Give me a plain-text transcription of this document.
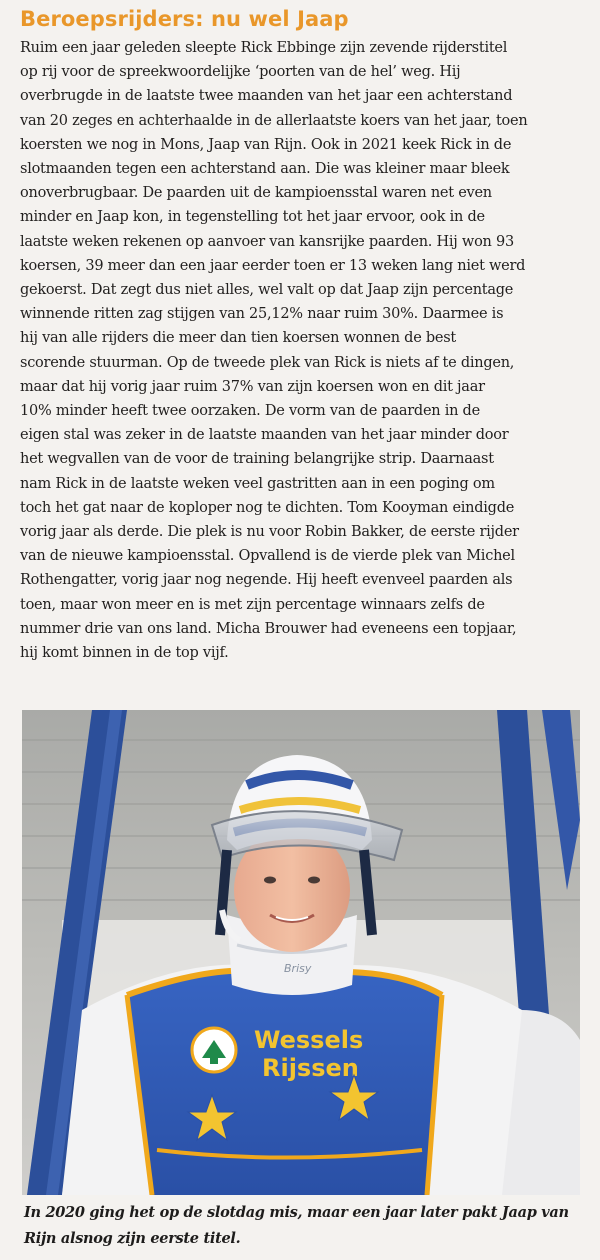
Beroepsrijders: nu wel Jaap

Ruim een jaar geleden sleepte Rick Ebbinge zijn zevende rijderstitel
op rij voor de spreekwoordelijke ‘poorten van de hel’ weg. Hij
overbrugde in de laatste twee maanden van het jaar een achterstand
van 20 zeges en achterhaalde in de allerlaatste koers van het jaar, toen
koersten we nog in Mons, Jaap van Rijn. Ook in 2021 keek Rick in de
slotmaanden tegen een achterstand aan. Die was kleiner maar bleek
onoverbrugbaar. De paarden uit de kampioensstal waren net even
minder en Jaap kon, in tegenstelling tot het jaar ervoor, ook in de
laatste weken rekenen op aanvoer van kansrijke paarden. Hij won 93
koersen, 39 meer dan een jaar eerder toen er 13 weken lang niet werd
gekoerst. Dat zegt dus niet alles, wel valt op dat Jaap zijn percentage
winnende ritten zag stijgen van 25,12% naar ruim 30%. Daarmee is
hij van alle rijders die meer dan tien koersen wonnen de best
scorende stuurman. Op de tweede plek van Rick is niets af te dingen,
maar dat hij vorig jaar ruim 37% van zijn koersen won en dit jaar
10% minder heeft twee oorzaken. De vorm van de paarden in de
eigen stal was zeker in de laatste maanden van het jaar minder door
het wegvallen van de voor de training belangrijke strip. Daarnaast
nam Rick in de laatste weken veel gastritten aan in een poging om
toch het gat naar de koploper nog te dichten. Tom Kooyman eindigde
vorig jaar als derde. Die plek is nu voor Robin Bakker, de eerste rijder
van de nieuwe kampioensstal. Opvallend is de vierde plek van Michel
Rothengatter, vorig jaar nog negende. Hij heeft evenveel paarden als
toen, maar won meer en is met zijn percentage winnaars zelfs de
nummer drie van ons land. Micha Brouwer had eveneens een topjaar,
hij komt binnen in de top vijf.

Wessels
Rijssen
Brisy

In 2020 ging het op de slotdag mis, maar een jaar later pakt Jaap van
Rijn alsnog zijn eerste titel.
